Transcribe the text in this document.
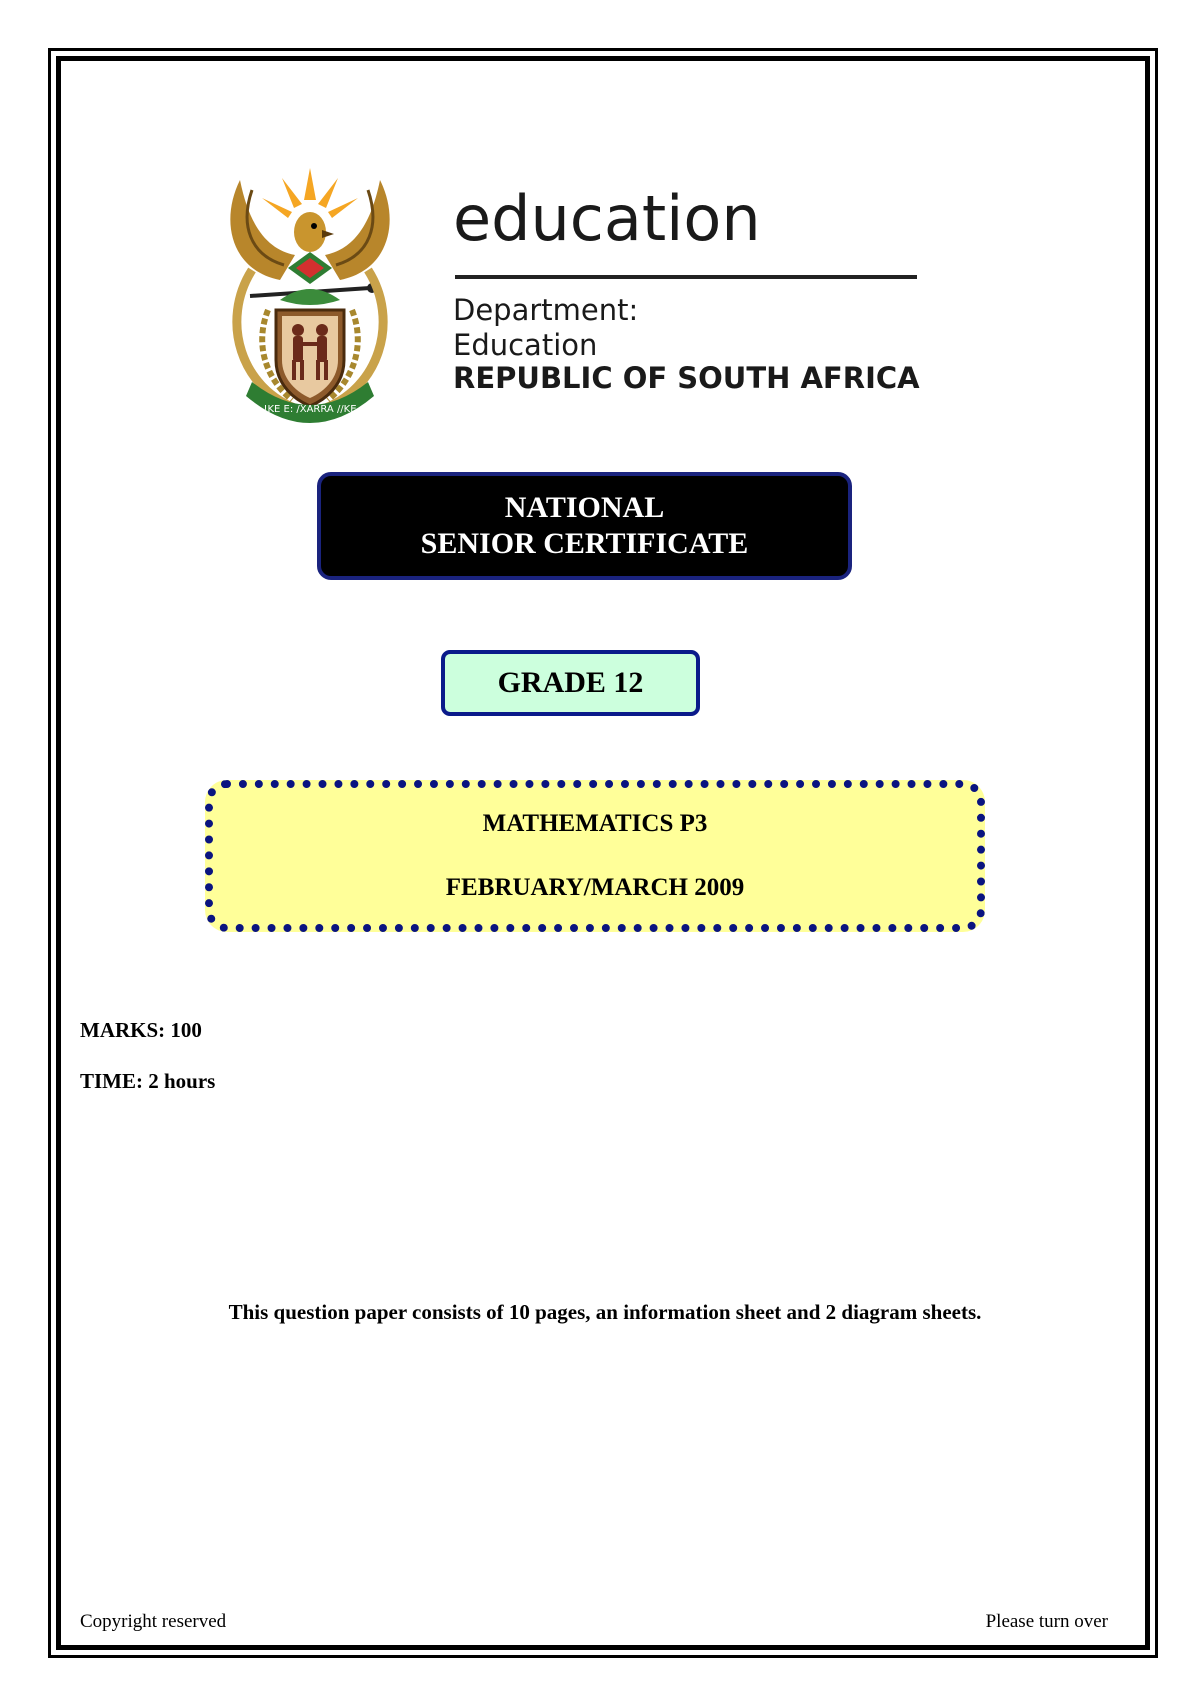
!KE E: /XARRA //KE
education
Department:
Education
REPUBLIC OF SOUTH AFRICA
NATIONAL
SENIOR CERTIFICATE
GRADE 12
MATHEMATICS P3
FEBRUARY/MARCH 2009
MARKS: 100
TIME: 2 hours
This question paper consists of 10 pages, an information sheet and 2 diagram sheets.
Copyright reserved	Please turn over
